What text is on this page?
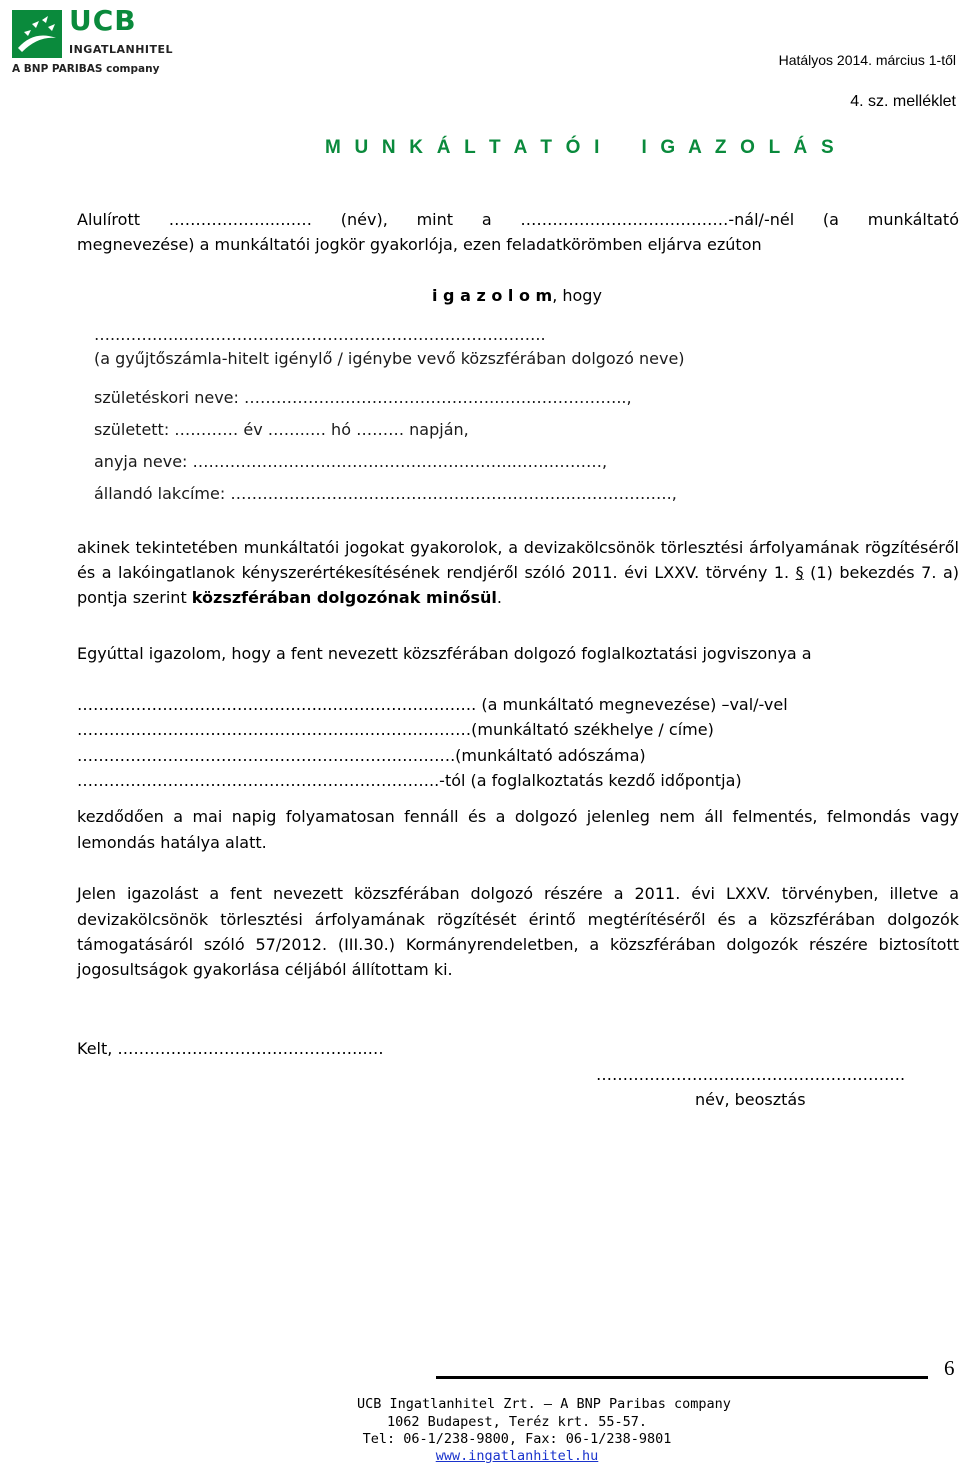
UCB
INGATLANHITEL
A BNP PARIBAS company
Hatályos 2014. március 1-től
4. sz. melléklet
M U N K Á L T A T Ó I    I G A Z O L Á S
Alulírott ………………..….… (név), mint a …………………………………-nál/-nél (a munkáltató
megnevezése) a munkáltatói jogkör gyakorlója, ezen feladatkörömben eljárva ezúton
i g a z o l o m, hogy
…..…….…..…………………………………………………………..
(a gyűjtőszámla-hitelt igénylő / igénybe vevő közszférában dolgozó neve)
születéskori neve: ……………….……………………….……..……………..,
született: ………… év ……..… hó ……… napján,
anyja neve: ……………………..……………………………..…….………,
állandó lakcíme: ……………………..………………………………..……………….,
akinek tekintetében munkáltatói jogokat gyakorolok, a devizakölcsönök törlesztési árfolyamának rögzítéséről
és a lakóingatlanok kényszerértékesítésének rendjéről szóló 2011. évi LXXV. törvény 1. § (1) bekezdés 7. a)
pontja szerint közszférában dolgozónak minősül.
Egyúttal igazolom, hogy a fent nevezett közszférában dolgozó foglalkoztatási jogviszonya a
………………………………………..………………………. (a munkáltató megnevezése) –val/-vel
……………………………………………..…………………(munkáltató székhelye / címe)
…………………………………………………….……….(munkáltató adószáma)
…………………………………………………………..-tól (a foglalkoztatás kezdő időpontja)
kezdődően a mai napig folyamatosan fennáll és a dolgozó jelenleg nem áll felmentés, felmondás vagy
lemondás hatálya alatt.
Jelen igazolást a fent nevezett közszférában dolgozó részére a 2011. évi LXXV. törvényben, illetve a
devizakölcsönök törlesztési árfolyamának rögzítését érintő megtérítéséről és a közszférában dolgozók
támogatásáról szóló 57/2012. (III.30.) Kormányrendeletben, a közszférában dolgozók részére biztosított
jogosultságok gyakorlása céljából állítottam ki.
Kelt, ………………………………………..…
………………………………………………….
név, beosztás
6
UCB Ingatlanhitel Zrt. – A BNP Paribas company
1062 Budapest, Teréz krt. 55-57.
Tel: 06-1/238-9800, Fax: 06-1/238-9801
www.ingatlanhitel.hu
